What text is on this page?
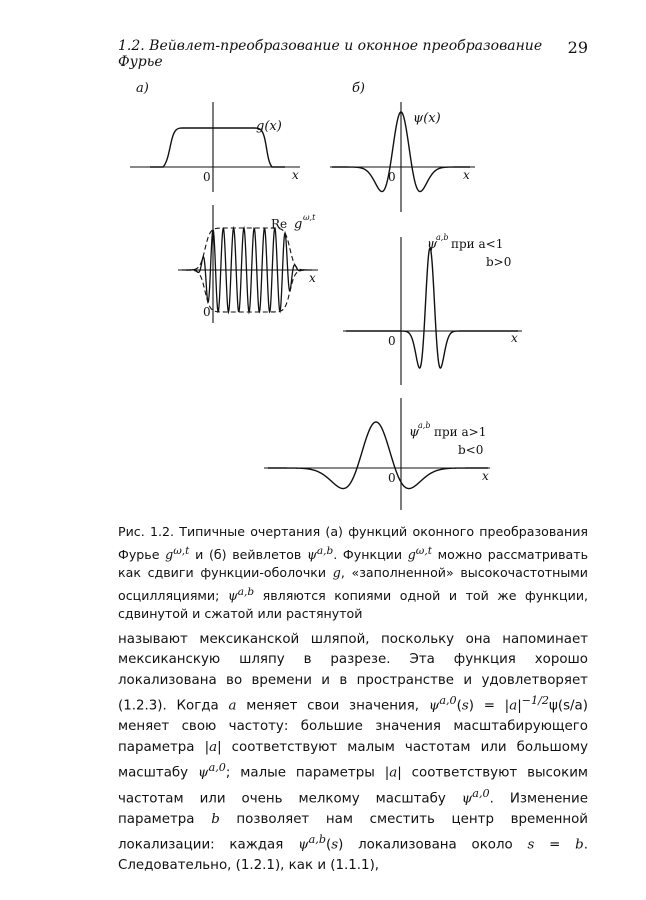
1.2. Вейвлет-преобразование и оконное преобразование Фурье
29
а)	б)
g(x)
0	x
Re g ω,t
0
x
ψ(x)
0	x
ψ
a,b при a<1
b>0
0	x
ψ
a,b при a>1
b<0
0	x

Рис. 1.2. Типичные очертания (а) функций оконного преобразования Фурье $g^{\omega,t}$ и (б) вейвлетов $\psi^{a,b}$. Функции $g^{\omega,t}$ можно рассматривать как сдвиги функции-оболочки g, «заполненной» высокочастотными осцилляциями; $\psi^{a,b}$ являются копиями одной и той же функции, сдвинутой и сжатой или растянутой

называют мексиканской шляпой, поскольку она напоминает мексиканскую шляпу в разрезе. Эта функция хорошо локализована во времени и в пространстве и удовлетворяет (1.2.3). Когда a меняет свои значения, $\psi^{a,0}(s) = |a|^{-1/2}\psi(s/a)$ меняет свою частоту: большие значения масштабирующего параметра |a| соответствуют малым частотам или большому масштабу $\psi^{a,0}$; малые параметры |a| соответствуют высоким частотам или очень мелкому масштабу $\psi^{a,0}$. Изменение параметра b позволяет нам сместить центр временной локализации: каждая $\psi^{a,b}(s)$ локализована около s = b. Следовательно, (1.2.1), как и (1.1.1),
